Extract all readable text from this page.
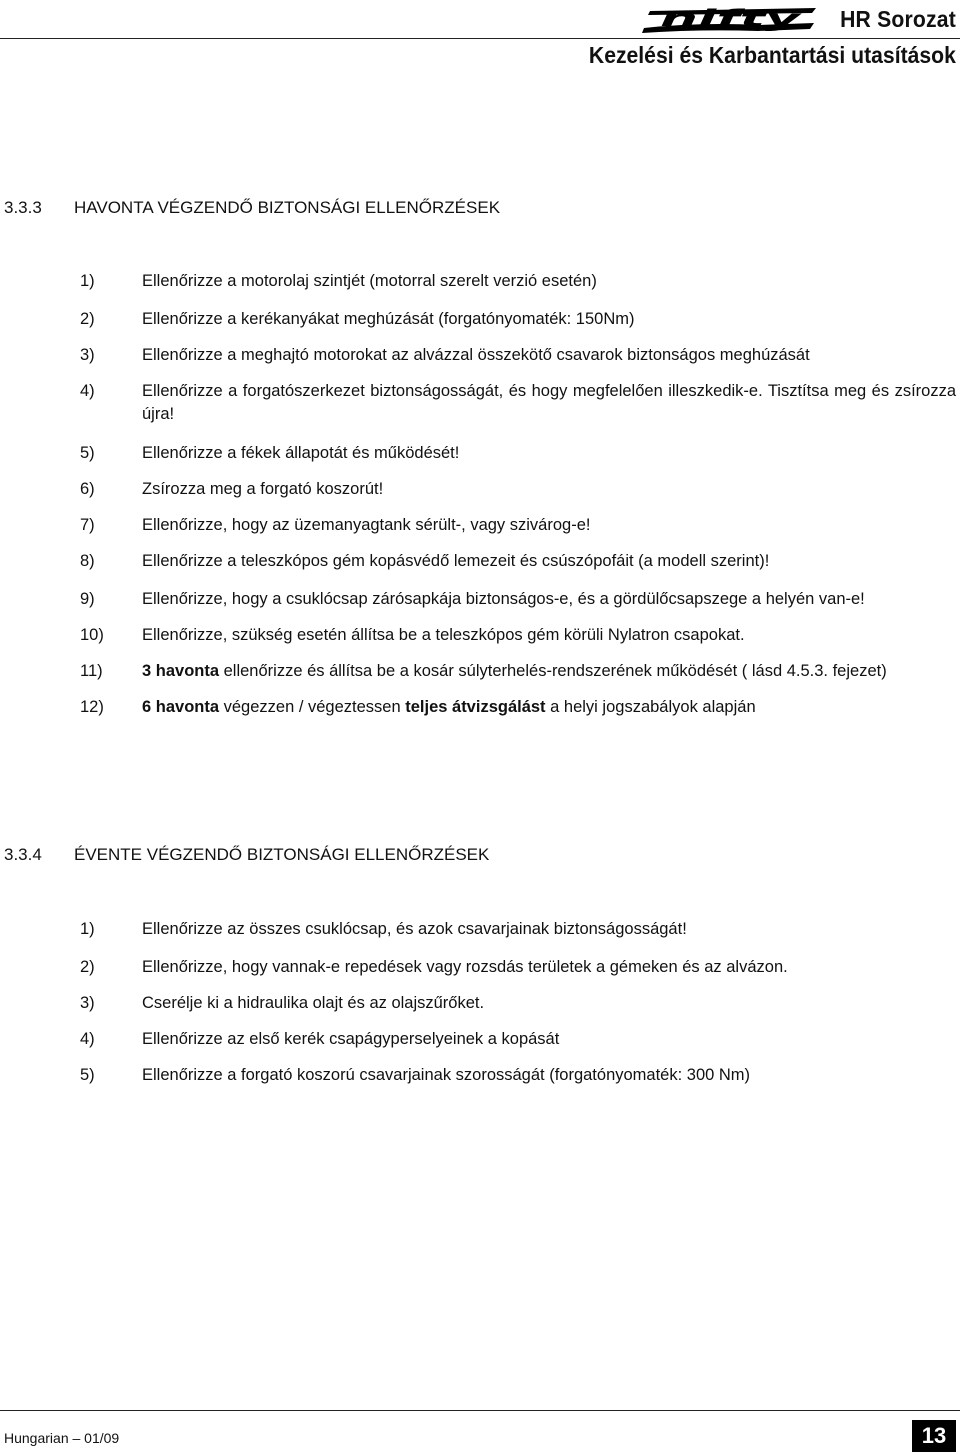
nifty HR Sorozat
Kezelési és Karbantartási utasítások
3.3.3 HAVONTA VÉGZENDŐ BIZTONSÁGI ELLENŐRZÉSEK
1)	Ellenőrizze a motorolaj szintjét (motorral szerelt verzió esetén)
2)	Ellenőrizze a kerékanyákat meghúzását (forgatónyomaték: 150Nm)
3)	Ellenőrizze a meghajtó motorokat az alvázzal összekötő csavarok biztonságos meghúzását
4)	Ellenőrizze a forgatószerkezet biztonságosságát, és hogy megfelelően illeszkedik-e. Tisztítsa meg és zsírozza újra!
5)	Ellenőrizze a fékek állapotát és működését!
6)	Zsírozza meg a forgató koszorút!
7)	Ellenőrizze, hogy az üzemanyagtank sérült-, vagy szivárog-e!
8)	Ellenőrizze a teleszkópos gém kopásvédő lemezeit és csúszópofáit (a modell szerint)!
9)	Ellenőrizze, hogy a csuklócsap zárósapkája biztonságos-e, és a gördülőcsapszege a helyén van-e!
10) Ellenőrizze, szükség esetén állítsa be a teleszkópos gém körüli Nylatron csapokat.
11) 3 havonta ellenőrizze és állítsa be a kosár súlyterhelés-rendszerének működését ( lásd 4.5.3. fejezet)
12) 6 havonta végezzen / végeztessen teljes átvizsgálást a helyi jogszabályok alapján
3.3.4 ÉVENTE VÉGZENDŐ BIZTONSÁGI ELLENŐRZÉSEK
1)	Ellenőrizze az összes csuklócsap, és azok csavarjainak biztonságosságát!
2)	Ellenőrizze, hogy vannak-e repedések vagy rozsdás területek a gémeken és az alvázon.
3)	Cserélje ki a hidraulika olajt és az olajszűrőket.
4)	Ellenőrizze az első kerék csapágyperselyeinek a kopását
5)	Ellenőrizze a forgató koszorú csavarjainak szorosságát (forgatónyomaték: 300 Nm)
Hungarian – 01/09	13
